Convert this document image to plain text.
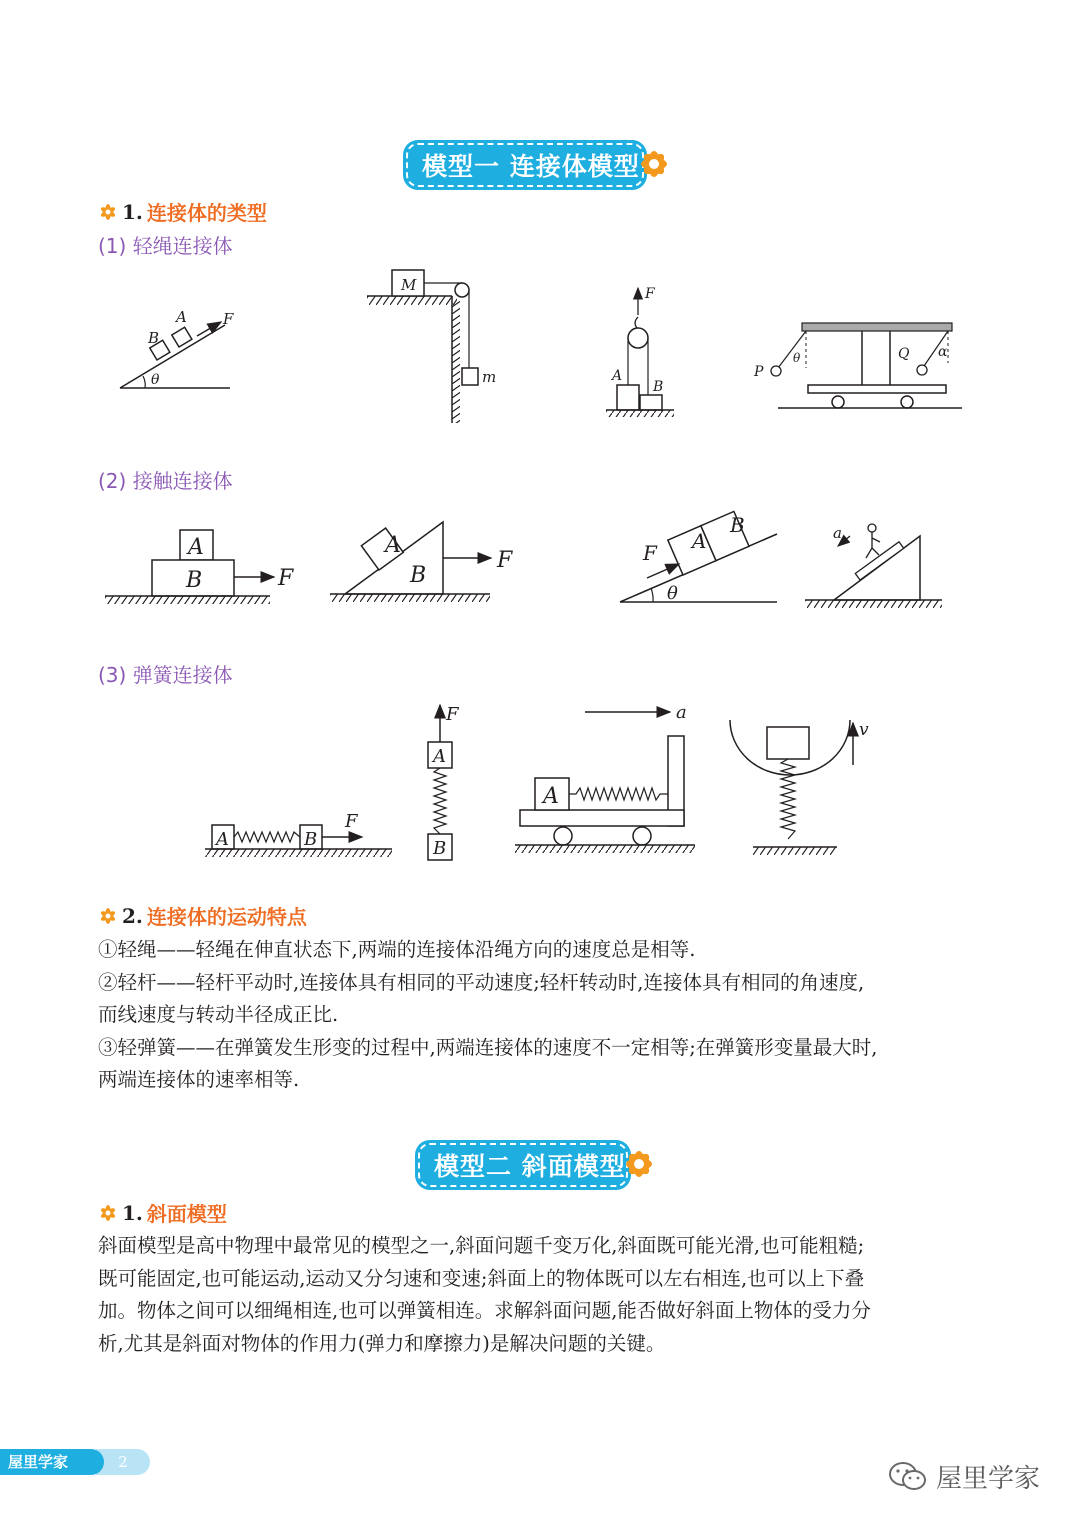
模型一 连接体模型
1. 连接体的类型
(1) 轻绳连接体
B
A F
θ
M
m
F
A
B
P
θ	Q α
(2) 接触连接体
A
B	F
A
B
F	F A
B
θ
a
(3) 弹簧连接体
A	B
F
F
A
B
a
A
v
2. 连接体的运动特点
①轻绳——轻绳在伸直状态下,两端的连接体沿绳方向的速度总是相等.
②轻杆——轻杆平动时,连接体具有相同的平动速度;轻杆转动时,连接体具有相同的角速度,
而线速度与转动半径成正比.
③轻弹簧——在弹簧发生形变的过程中,两端连接体的速度不一定相等;在弹簧形变量最大时,
两端连接体的速率相等.
模型二 斜面模型
1. 斜面模型
斜面模型是高中物理中最常见的模型之一,斜面问题千变万化,斜面既可能光滑,也可能粗糙;
既可能固定,也可能运动,运动又分匀速和变速;斜面上的物体既可以左右相连,也可以上下叠
加。物体之间可以细绳相连,也可以弹簧相连。求解斜面问题,能否做好斜面上物体的受力分
析,尤其是斜面对物体的作用力(弹力和摩擦力)是解决问题的关键。
2
屋里学家
屋里学家
